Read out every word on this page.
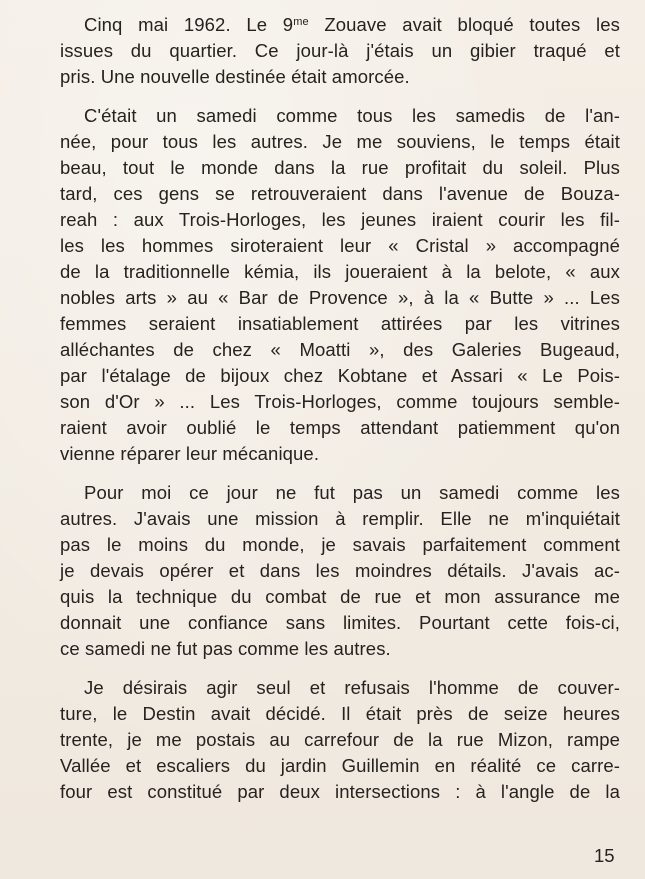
Cinq mai 1962. Le $9^{me}$ Zouave avait bloqué toutes les
issues du quartier. Ce jour-là j'étais un gibier traqué et
pris. Une nouvelle destinée était amorcée.
C'était un samedi comme tous les samedis de l'an-
née, pour tous les autres. Je me souviens, le temps était
beau, tout le monde dans la rue profitait du soleil. Plus
tard, ces gens se retrouveraient dans l'avenue de Bouza-
reah : aux Trois-Horloges, les jeunes iraient courir les fil-
les les hommes siroteraient leur « Cristal » accompagné
de la traditionnelle kémia, ils joueraient à la belote, « aux
nobles arts » au « Bar de Provence », à la « Butte » ... Les
femmes seraient insatiablement attirées par les vitrines
alléchantes de chez « Moatti », des Galeries Bugeaud,
par l'étalage de bijoux chez Kobtane et Assari « Le Pois-
son d'Or » ... Les Trois-Horloges, comme toujours semble-
raient avoir oublié le temps attendant patiemment qu'on
vienne réparer leur mécanique.
Pour moi ce jour ne fut pas un samedi comme les
autres. J'avais une mission à remplir. Elle ne m'inquiétait
pas le moins du monde, je savais parfaitement comment
je devais opérer et dans les moindres détails. J'avais ac-
quis la technique du combat de rue et mon assurance me
donnait une confiance sans limites. Pourtant cette fois-ci,
ce samedi ne fut pas comme les autres.
Je désirais agir seul et refusais l'homme de couver-
ture, le Destin avait décidé. Il était près de seize heures
trente, je me postais au carrefour de la rue Mizon, rampe
Vallée et escaliers du jardin Guillemin en réalité ce carre-
four est constitué par deux intersections : à l'angle de la
15
